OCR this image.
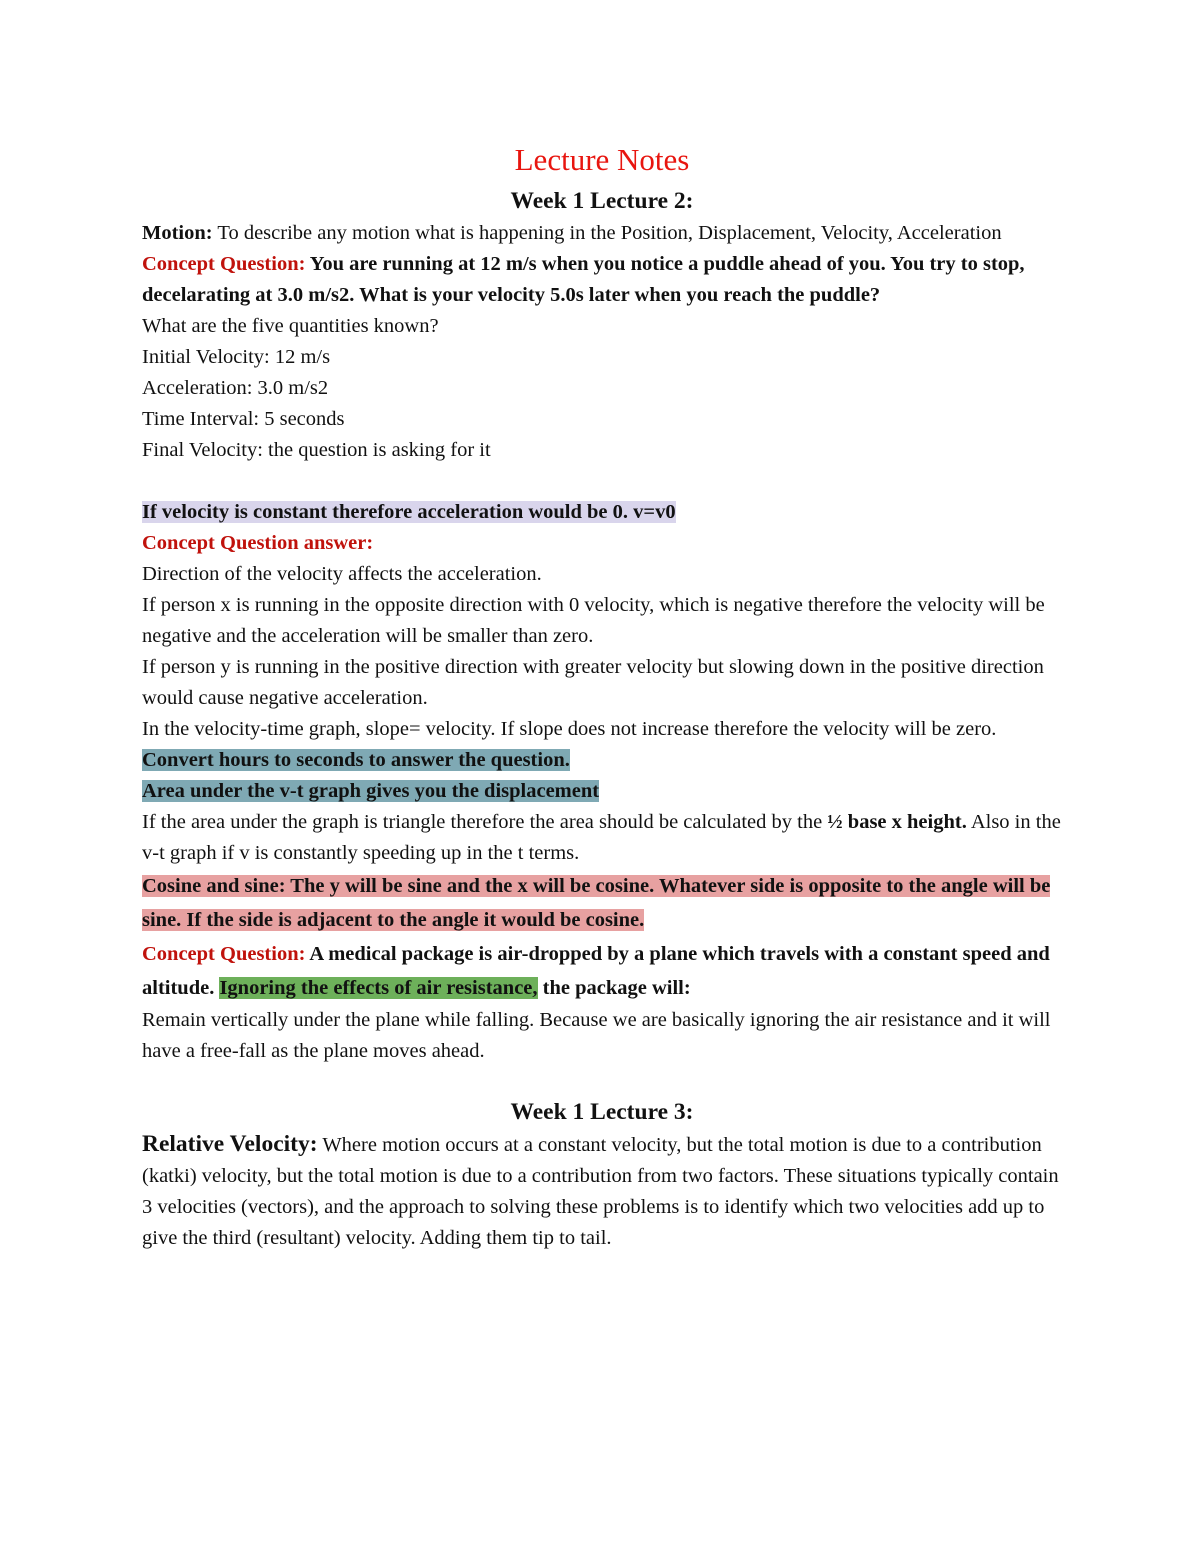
Lecture Notes
Week 1 Lecture 2:

Motion: To describe any motion what is happening in the Position, Displacement, Velocity, Acceleration

Concept Question: You are running at 12 m/s when you notice a puddle ahead of you. You try to stop, decelarating at 3.0 m/s2. What is your velocity 5.0s later when you reach the puddle?

What are the five quantities known?

Initial Velocity: 12 m/s

Acceleration: 3.0 m/s2

Time Interval: 5 seconds

Final Velocity: the question is asking for it

If velocity is constant therefore acceleration would be 0. v=v0

Concept Question answer:

Direction of the velocity affects the acceleration.

If person x is running in the opposite direction with 0 velocity, which is negative therefore the velocity will be negative and the acceleration will be smaller than zero.

If person y is running in the positive direction with greater velocity but slowing down in the positive direction would cause negative acceleration.

In the velocity-time graph, slope= velocity. If slope does not increase therefore the velocity will be zero.

Convert hours to seconds to answer the question.

Area under the v-t graph gives you the displacement

If the area under the graph is triangle therefore the area should be calculated by the ½ base x height. Also in the v-t graph if v is constantly speeding up in the t terms.

Cosine and sine: The y will be sine and the x will be cosine. Whatever side is opposite to the angle will be sine. If the side is adjacent to the angle it would be cosine.

Concept Question: A medical package is air-dropped by a plane which travels with a constant speed and altitude. Ignoring the effects of air resistance, the package will:

Remain vertically under the plane while falling. Because we are basically ignoring the air resistance and it will have a free-fall as the plane moves ahead.

Week 1 Lecture 3:

Relative Velocity: Where motion occurs at a constant velocity, but the total motion is due to a contribution (katki) velocity, but the total motion is due to a contribution from two factors. These situations typically contain 3 velocities (vectors), and the approach to solving these problems is to identify which two velocities add up to give the third (resultant) velocity. Adding them tip to tail.
